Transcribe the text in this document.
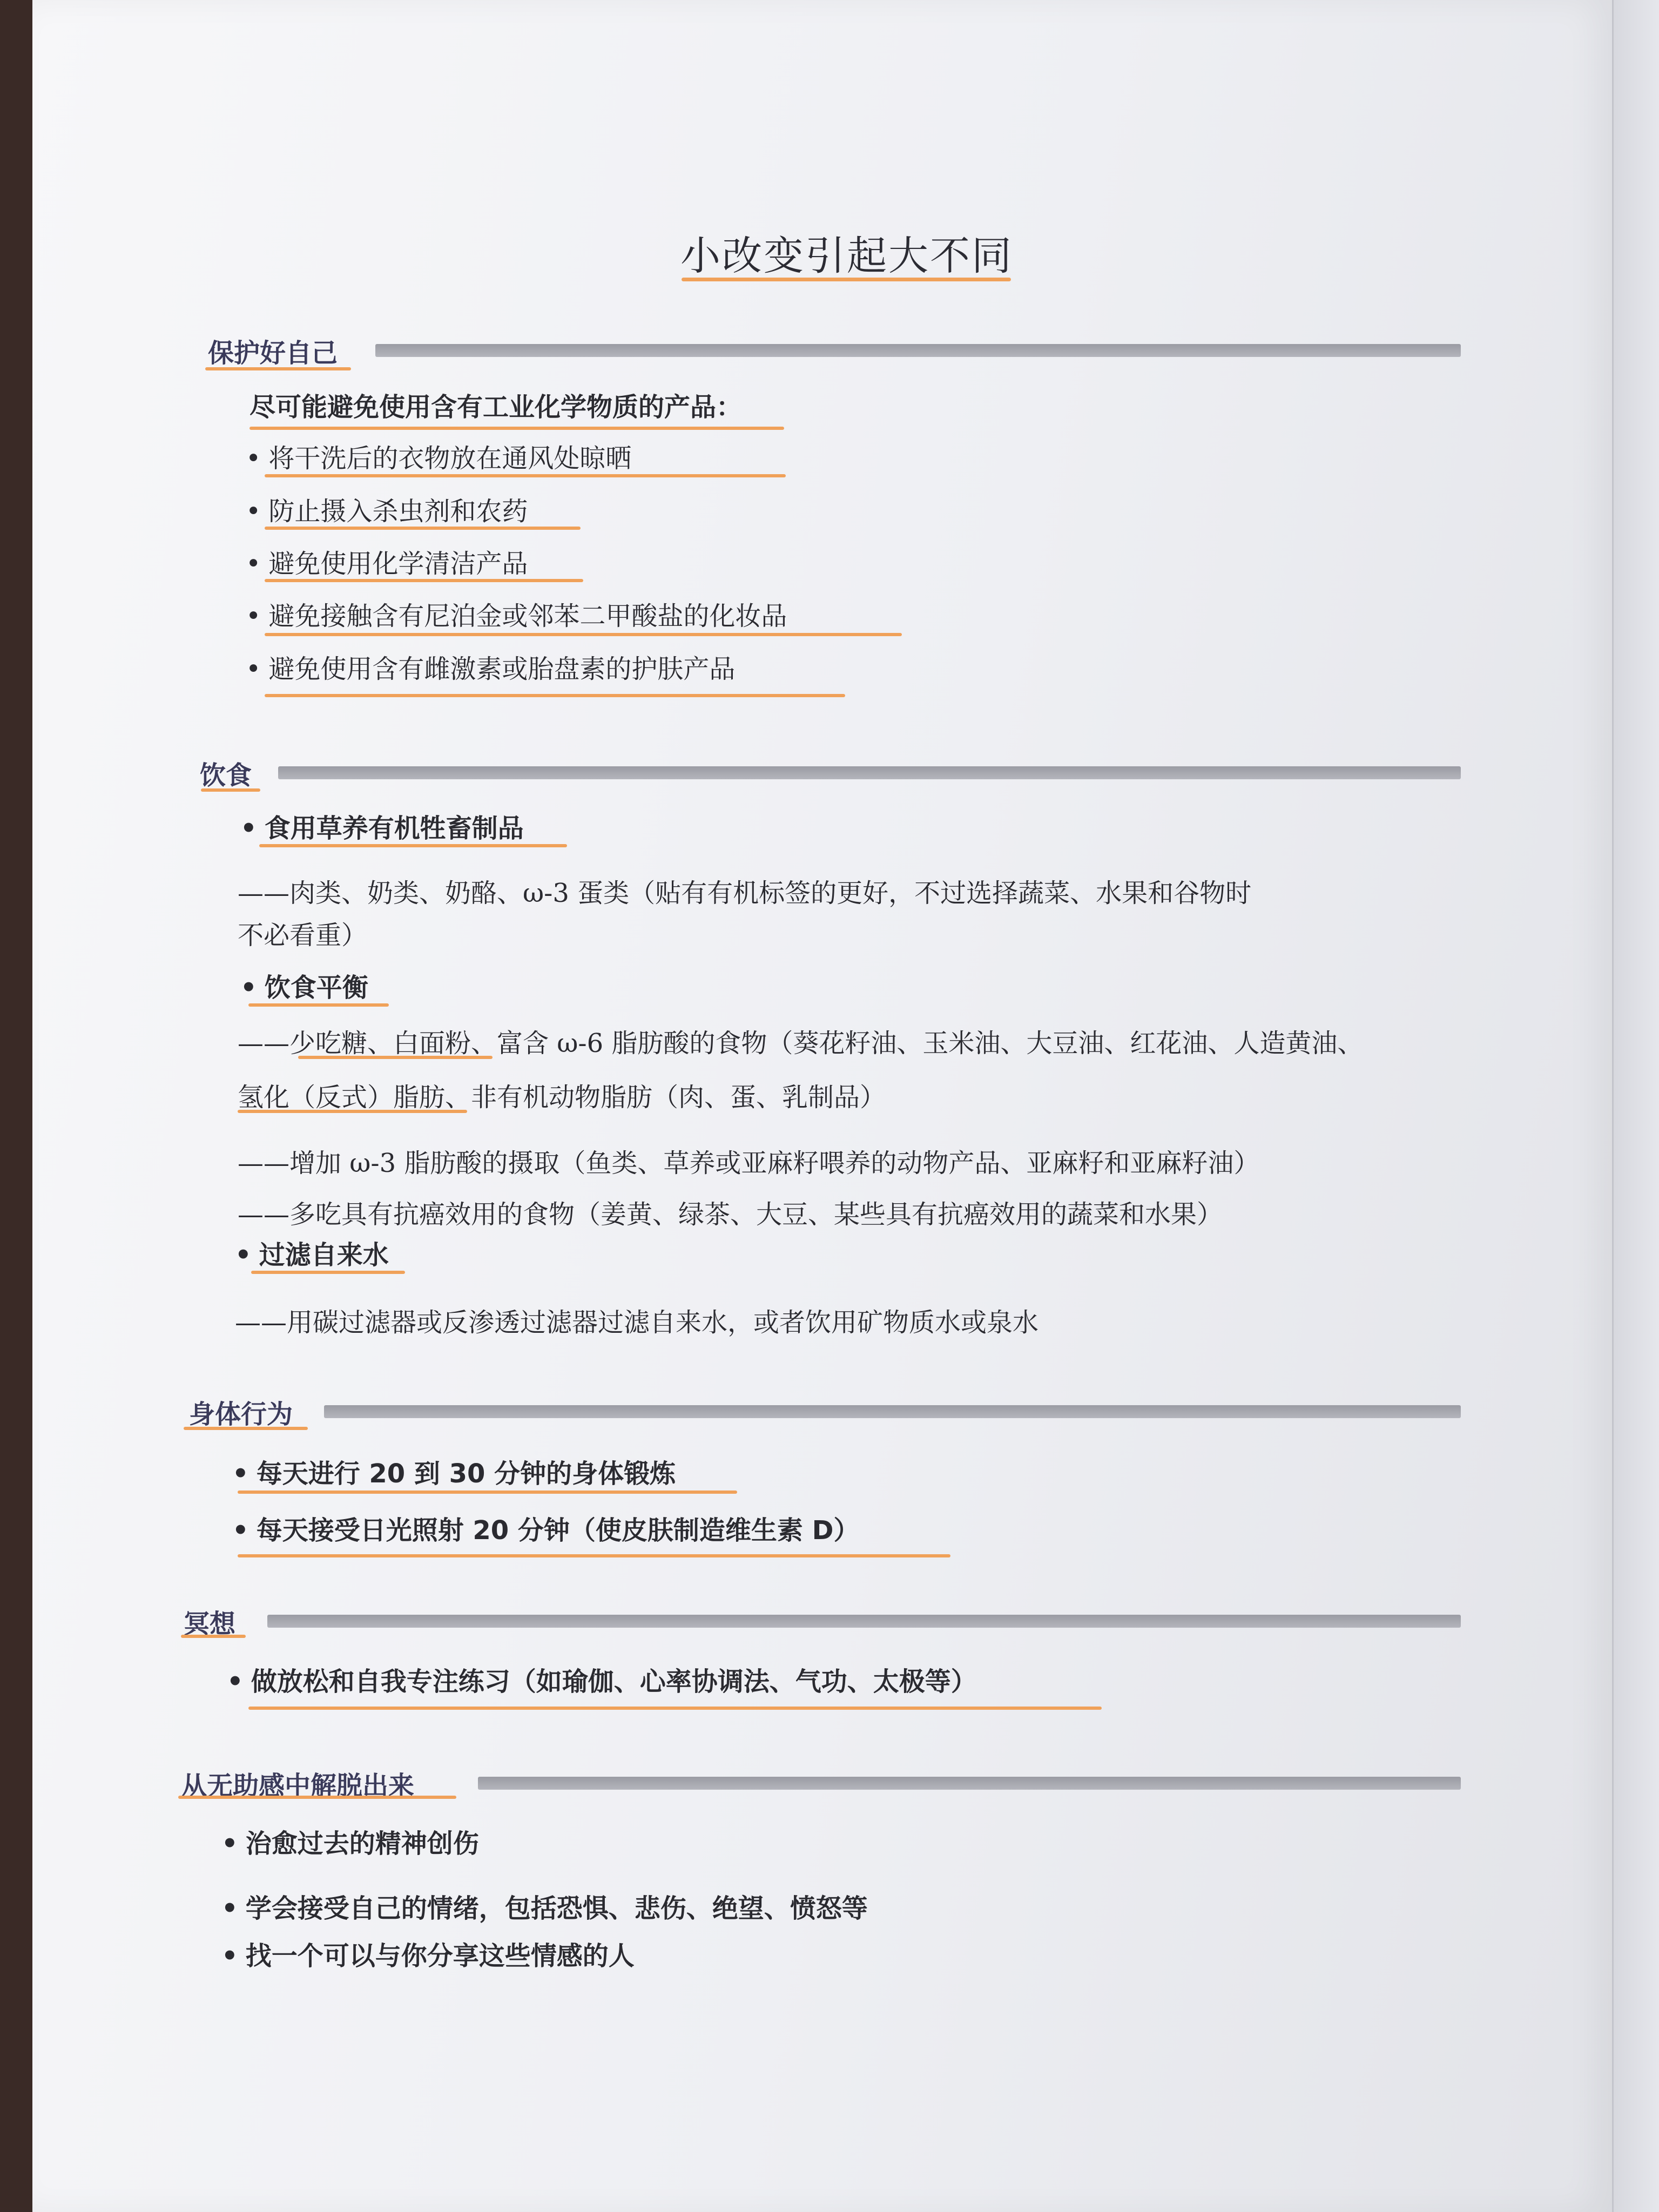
小改变引起大不同
保护好自己
尽可能避免使用含有工业化学物质的产品：
• 将干洗后的衣物放在通风处晾晒
• 防止摄入杀虫剂和农药
• 避免使用化学清洁产品
• 避免接触含有尼泊金或邻苯二甲酸盐的化妆品
• 避免使用含有雌激素或胎盘素的护肤产品
饮食
• 食用草养有机牲畜制品
——肉类、奶类、奶酪、ω-3 蛋类（贴有有机标签的更好，不过选择蔬菜、水果和谷物时
不必看重）
• 饮食平衡
——少吃糖、白面粉、富含 ω-6 脂肪酸的食物（葵花籽油、玉米油、大豆油、红花油、人造黄油、
氢化（反式）脂肪、非有机动物脂肪（肉、蛋、乳制品）
——增加 ω-3 脂肪酸的摄取（鱼类、草养或亚麻籽喂养的动物产品、亚麻籽和亚麻籽油）
——多吃具有抗癌效用的食物（姜黄、绿茶、大豆、某些具有抗癌效用的蔬菜和水果）
• 过滤自来水
——用碳过滤器或反渗透过滤器过滤自来水，或者饮用矿物质水或泉水
身体行为
• 每天进行 20 到 30 分钟的身体锻炼
• 每天接受日光照射 20 分钟（使皮肤制造维生素 D）
冥想
• 做放松和自我专注练习（如瑜伽、心率协调法、气功、太极等）
从无助感中解脱出来
• 治愈过去的精神创伤
• 学会接受自己的情绪，包括恐惧、悲伤、绝望、愤怒等
• 找一个可以与你分享这些情感的人
